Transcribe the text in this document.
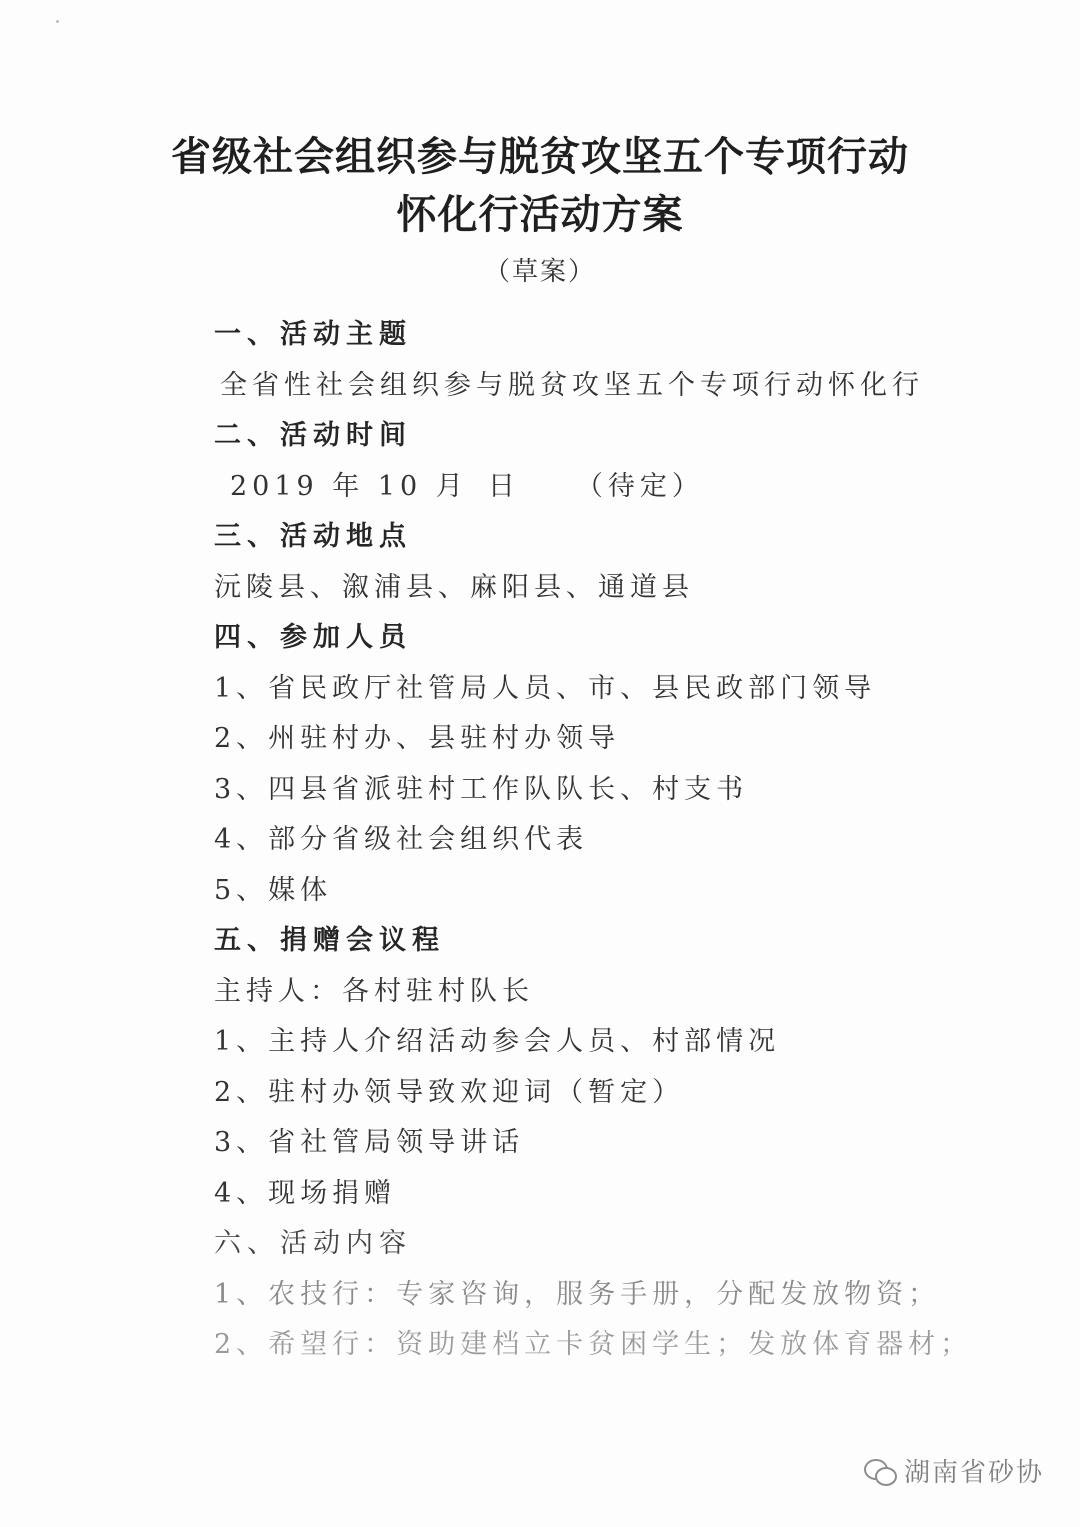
省级社会组织参与脱贫攻坚五个专项行动
怀化行活动方案
（草案）
一、活动主题
全省性社会组织参与脱贫攻坚五个专项行动怀化行
二、活动时间
2019 年 10 月 日 （待定）
三、活动地点
沅陵县、溆浦县、麻阳县、通道县
四、参加人员
1、省民政厅社管局人员、市、县民政部门领导
2、州驻村办、县驻村办领导
3、四县省派驻村工作队队长、村支书
4、部分省级社会组织代表
5、媒体
五、捐赠会议程
主持人：各村驻村队长
1、主持人介绍活动参会人员、村部情况
2、驻村办领导致欢迎词（暂定）
3、省社管局领导讲话
4、现场捐赠
六、活动内容
1、农技行：专家咨询，服务手册，分配发放物资；
2、希望行：资助建档立卡贫困学生；发放体育器材；
湖南省砂协
